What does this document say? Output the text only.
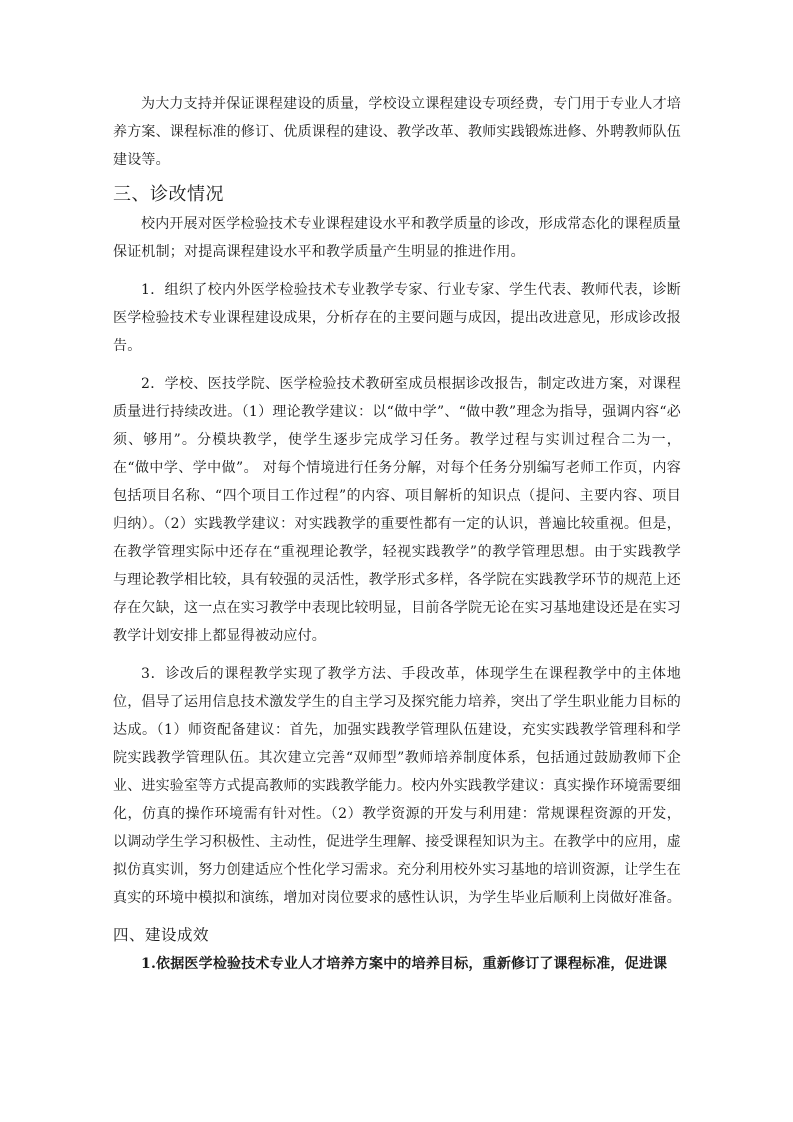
为大力支持并保证课程建设的质量，学校设立课程建设专项经费，专门用于专业人才培养方案、课程标准的修订、优质课程的建设、教学改革、教师实践锻炼进修、外聘教师队伍建设等。

三、诊改情况

校内开展对医学检验技术专业课程建设水平和教学质量的诊改，形成常态化的课程质量保证机制；对提高课程建设水平和教学质量产生明显的推进作用。

1．组织了校内外医学检验技术专业教学专家、行业专家、学生代表、教师代表，诊断医学检验技术专业课程建设成果，分析存在的主要问题与成因，提出改进意见，形成诊改报告。

2．学校、医技学院、医学检验技术教研室成员根据诊改报告，制定改进方案，对课程质量进行持续改进。（1）理论教学建议：以“做中学”、“做中教”理念为指导，强调内容“必须、够用”。分模块教学，使学生逐步完成学习任务。教学过程与实训过程合二为一，在“做中学、学中做”。 对每个情境进行任务分解，对每个任务分别编写老师工作页，内容包括项目名称、“四个项目工作过程”的内容、项目解析的知识点（提问、主要内容、项目归纳）。（2）实践教学建议：对实践教学的重要性都有一定的认识，普遍比较重视。但是，在教学管理实际中还存在“重视理论教学，轻视实践教学”的教学管理思想。由于实践教学与理论教学相比较，具有较强的灵活性，教学形式多样，各学院在实践教学环节的规范上还存在欠缺，这一点在实习教学中表现比较明显，目前各学院无论在实习基地建设还是在实习教学计划安排上都显得被动应付。

3．诊改后的课程教学实现了教学方法、手段改革，体现学生在课程教学中的主体地位，倡导了运用信息技术激发学生的自主学习及探究能力培养，突出了学生职业能力目标的达成。（1）师资配备建议：首先，加强实践教学管理队伍建设，充实实践教学管理科和学院实践教学管理队伍。其次建立完善“双师型”教师培养制度体系，包括通过鼓励教师下企业、进实验室等方式提高教师的实践教学能力。校内外实践教学建议：真实操作环境需要细化，仿真的操作环境需有针对性。（2）教学资源的开发与利用建：常规课程资源的开发，以调动学生学习积极性、主动性，促进学生理解、接受课程知识为主。在教学中的应用，虚拟仿真实训，努力创建适应个性化学习需求。充分利用校外实习基地的培训资源，让学生在真实的环境中模拟和演练，增加对岗位要求的感性认识，为学生毕业后顺利上岗做好准备。

四、建设成效

1.依据医学检验技术专业人才培养方案中的培养目标，重新修订了课程标准，促进课
